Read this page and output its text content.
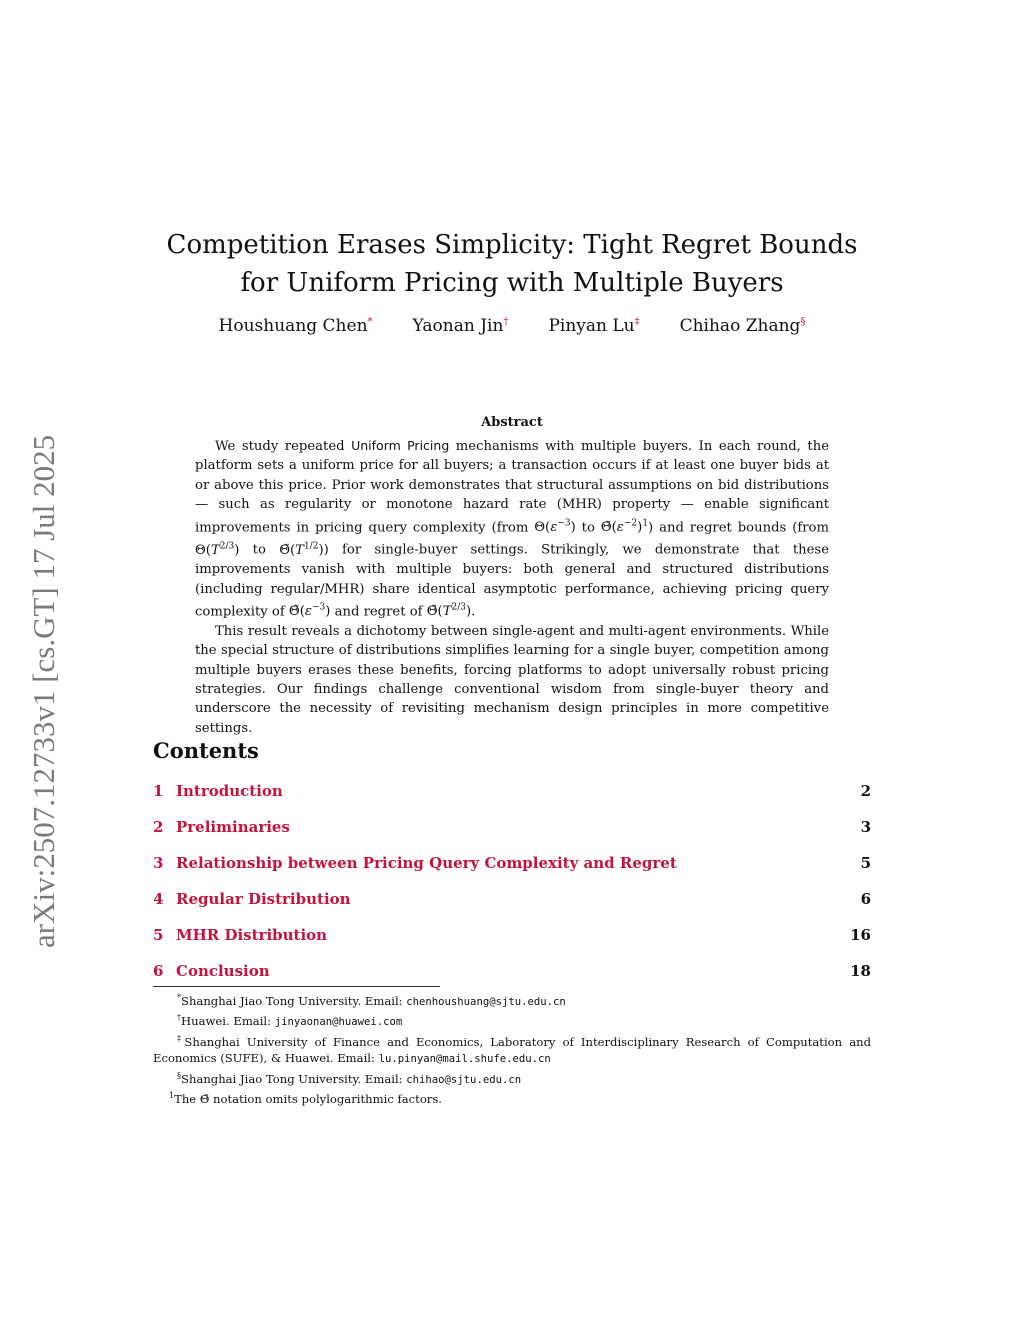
arXiv:2507.12733v1 [cs.GT] 17 Jul 2025
Competition Erases Simplicity: Tight Regret Bounds
for Uniform Pricing with Multiple Buyers
Houshuang Chen* Yaonan Jin† Pinyan Lu‡ Chihao Zhang§
Abstract

We study repeated Uniform Pricing mechanisms with multiple buyers. In each round, the platform sets a uniform price for all buyers; a transaction occurs if at least one buyer bids at or above this price. Prior work demonstrates that structural assumptions on bid distributions — such as regularity or monotone hazard rate (MHR) property — enable significant improvements in pricing query complexity (from $\Theta(\varepsilon^{-3})$ to $\Thetã(\varepsilon^{-2})^1$) and regret bounds (from $\Theta(T^{2/3})$ to $\Thetã(T^{1/2})$) for single-buyer settings. Strikingly, we demonstrate that these improvements vanish with multiple buyers: both general and structured distributions (including regular/MHR) share identical asymptotic performance, achieving pricing query complexity of $\Thetã(\varepsilon^{-3})$ and regret of $\Thetã(T^{2/3})$.

This result reveals a dichotomy between single-agent and multi-agent environments. While the special structure of distributions simplifies learning for a single buyer, competition among multiple buyers erases these benefits, forcing platforms to adopt universally robust pricing strategies. Our findings challenge conventional wisdom from single-buyer theory and underscore the necessity of revisiting mechanism design principles in more competitive settings.

Contents
1 Introduction	2
2 Preliminaries	3
3 Relationship between Pricing Query Complexity and Regret	5
4 Regular Distribution	6
5 MHR Distribution	16
6 Conclusion	18

*Shanghai Jiao Tong University. Email: chenhoushuang@sjtu.edu.cn

†Huawei. Email: jinyaonan@huawei.com

‡Shanghai University of Finance and Economics, Laboratory of Interdisciplinary Research of Computation and Economics (SUFE), & Huawei. Email: lu.pinyan@mail.shufe.edu.cn

§Shanghai Jiao Tong University. Email: chihao@sjtu.edu.cn

$^1$The Θ̃ notation omits polylogarithmic factors.
